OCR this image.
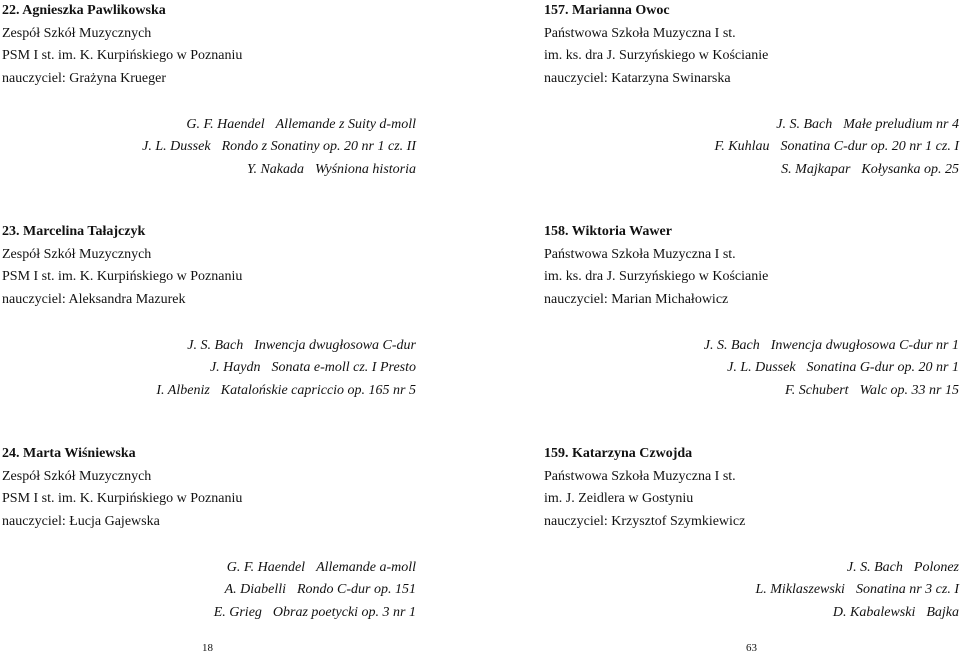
22. Agnieszka Pawlikowska
Zespół Szkół Muzycznych
PSM I st. im. K. Kurpińskiego w Poznaniu
nauczyciel: Grażyna Krueger
G. F. Haendel Allemande z Suity d-moll
J. L. Dussek Rondo z Sonatiny op. 20 nr 1 cz. II
Y. Nakada Wyśniona historia
23. Marcelina Tałajczyk
Zespół Szkół Muzycznych
PSM I st. im. K. Kurpińskiego w Poznaniu
nauczyciel: Aleksandra Mazurek
J. S. Bach Inwencja dwugłosowa C-dur
J. Haydn Sonata e-moll cz. I Presto
I. Albeniz Katalońskie capriccio op. 165 nr 5
24. Marta Wiśniewska
Zespół Szkół Muzycznych
PSM I st. im. K. Kurpińskiego w Poznaniu
nauczyciel: Łucja Gajewska
G. F. Haendel Allemande a-moll
A. Diabelli Rondo C-dur op. 151
E. Grieg Obraz poetycki op. 3 nr 1
157. Marianna Owoc
Państwowa Szkoła Muzyczna I st.
im. ks. dra J. Surzyńskiego w Kościanie
nauczyciel: Katarzyna Swinarska
J. S. Bach Małe preludium nr 4
F. Kuhlau Sonatina C-dur op. 20 nr 1 cz. I
S. Majkapar Kołysanka op. 25
158. Wiktoria Wawer
Państwowa Szkoła Muzyczna I st.
im. ks. dra J. Surzyńskiego w Kościanie
nauczyciel: Marian Michałowicz
J. S. Bach Inwencja dwugłosowa C-dur nr 1
J. L. Dussek Sonatina G-dur op. 20 nr 1
F. Schubert Walc op. 33 nr 15
159. Katarzyna Czwojda
Państwowa Szkoła Muzyczna I st.
im. J. Zeidlera w Gostyniu
nauczyciel: Krzysztof Szymkiewicz
J. S. Bach Polonez
L. Miklaszewski Sonatina nr 3 cz. I
D. Kabalewski Bajka
18	63
